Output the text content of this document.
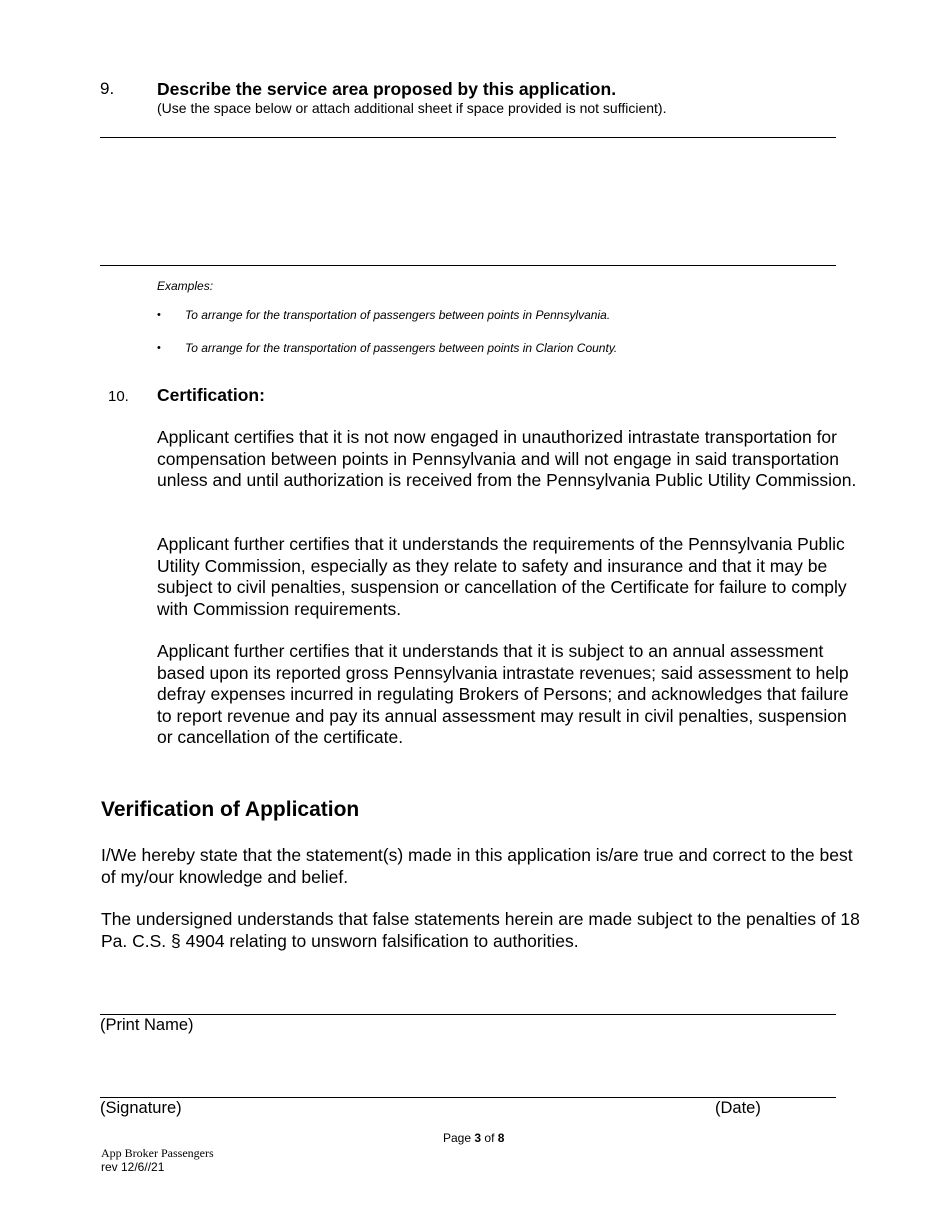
9. Describe the service area proposed by this application.
(Use the space below or attach additional sheet if space provided is not sufficient).
Examples:
• To arrange for the transportation of passengers between points in Pennsylvania.
• To arrange for the transportation of passengers between points in Clarion County.
10. Certification:
Applicant certifies that it is not now engaged in unauthorized intrastate transportation for compensation between points in Pennsylvania and will not engage in said transportation unless and until authorization is received from the Pennsylvania Public Utility Commission.
Applicant further certifies that it understands the requirements of the Pennsylvania Public Utility Commission, especially as they relate to safety and insurance and that it may be subject to civil penalties, suspension or cancellation of the Certificate for failure to comply with Commission requirements.
Applicant further certifies that it understands that it is subject to an annual assessment based upon its reported gross Pennsylvania intrastate revenues; said assessment to help defray expenses incurred in regulating Brokers of Persons; and acknowledges that failure to report revenue and pay its annual assessment may result in civil penalties, suspension or cancellation of the certificate.
Verification of Application
I/We hereby state that the statement(s) made in this application is/are true and correct to the best of my/our knowledge and belief.
The undersigned understands that false statements herein are made subject to the penalties of 18 Pa. C.S. § 4904 relating to unsworn falsification to authorities.
(Print Name)
(Signature)	(Date)
Page 3 of 8
App Broker Passengers
rev 12/6//21
